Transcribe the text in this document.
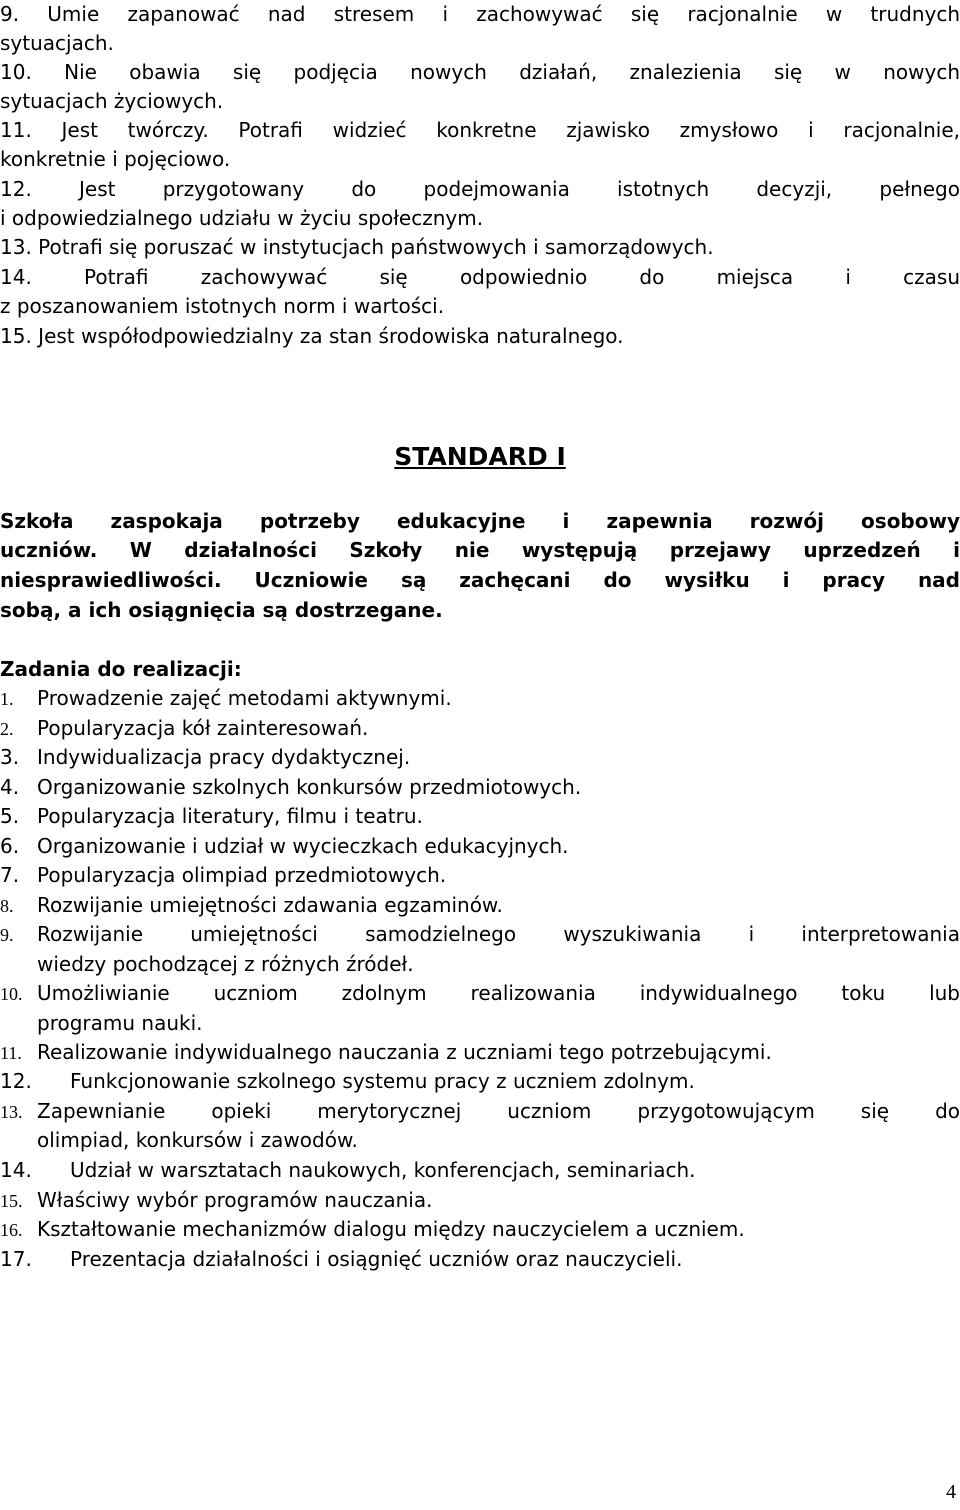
9. Umie zapanować nad stresem i zachowywać się racjonalnie w trudnych
sytuacjach.
10. Nie obawia się podjęcia nowych działań, znalezienia się w nowych
sytuacjach życiowych.
11. Jest twórczy. Potrafi widzieć konkretne zjawisko zmysłowo i racjonalnie,
konkretnie i pojęciowo.
12. Jest przygotowany do podejmowania istotnych decyzji, pełnego
i odpowiedzialnego udziału w życiu społecznym.
13. Potrafi się poruszać w instytucjach państwowych i samorządowych.
14. Potrafi zachowywać się odpowiednio do miejsca i czasu
z poszanowaniem istotnych norm i wartości.
15. Jest współodpowiedzialny za stan środowiska naturalnego.
STANDARD I
Szkoła zaspokaja potrzeby edukacyjne i zapewnia rozwój osobowy
uczniów. W działalności Szkoły nie występują przejawy uprzedzeń i
niesprawiedliwości. Uczniowie są zachęcani do wysiłku i pracy nad
sobą, a ich osiągnięcia są dostrzegane.
Zadania do realizacji:
1. Prowadzenie zajęć metodami aktywnymi.
2. Popularyzacja kół zainteresowań.
3. Indywidualizacja pracy dydaktycznej.
4. Organizowanie szkolnych konkursów przedmiotowych.
5. Popularyzacja literatury, filmu i teatru.
6. Organizowanie i udział w wycieczkach edukacyjnych.
7. Popularyzacja olimpiad przedmiotowych.
8. Rozwijanie umiejętności zdawania egzaminów.
9. Rozwijanie umiejętności samodzielnego wyszukiwania i interpretowania
wiedzy pochodzącej z różnych źródeł.
10. Umożliwianie uczniom zdolnym realizowania indywidualnego toku lub
programu nauki.
11. Realizowanie indywidualnego nauczania z uczniami tego potrzebującymi.
12. Funkcjonowanie szkolnego systemu pracy z uczniem zdolnym.
13. Zapewnianie opieki merytorycznej uczniom przygotowującym się do
olimpiad, konkursów i zawodów.
14. Udział w warsztatach naukowych, konferencjach, seminariach.
15. Właściwy wybór programów nauczania.
16. Kształtowanie mechanizmów dialogu między nauczycielem a uczniem.
17. Prezentacja działalności i osiągnięć uczniów oraz nauczycieli.
4
